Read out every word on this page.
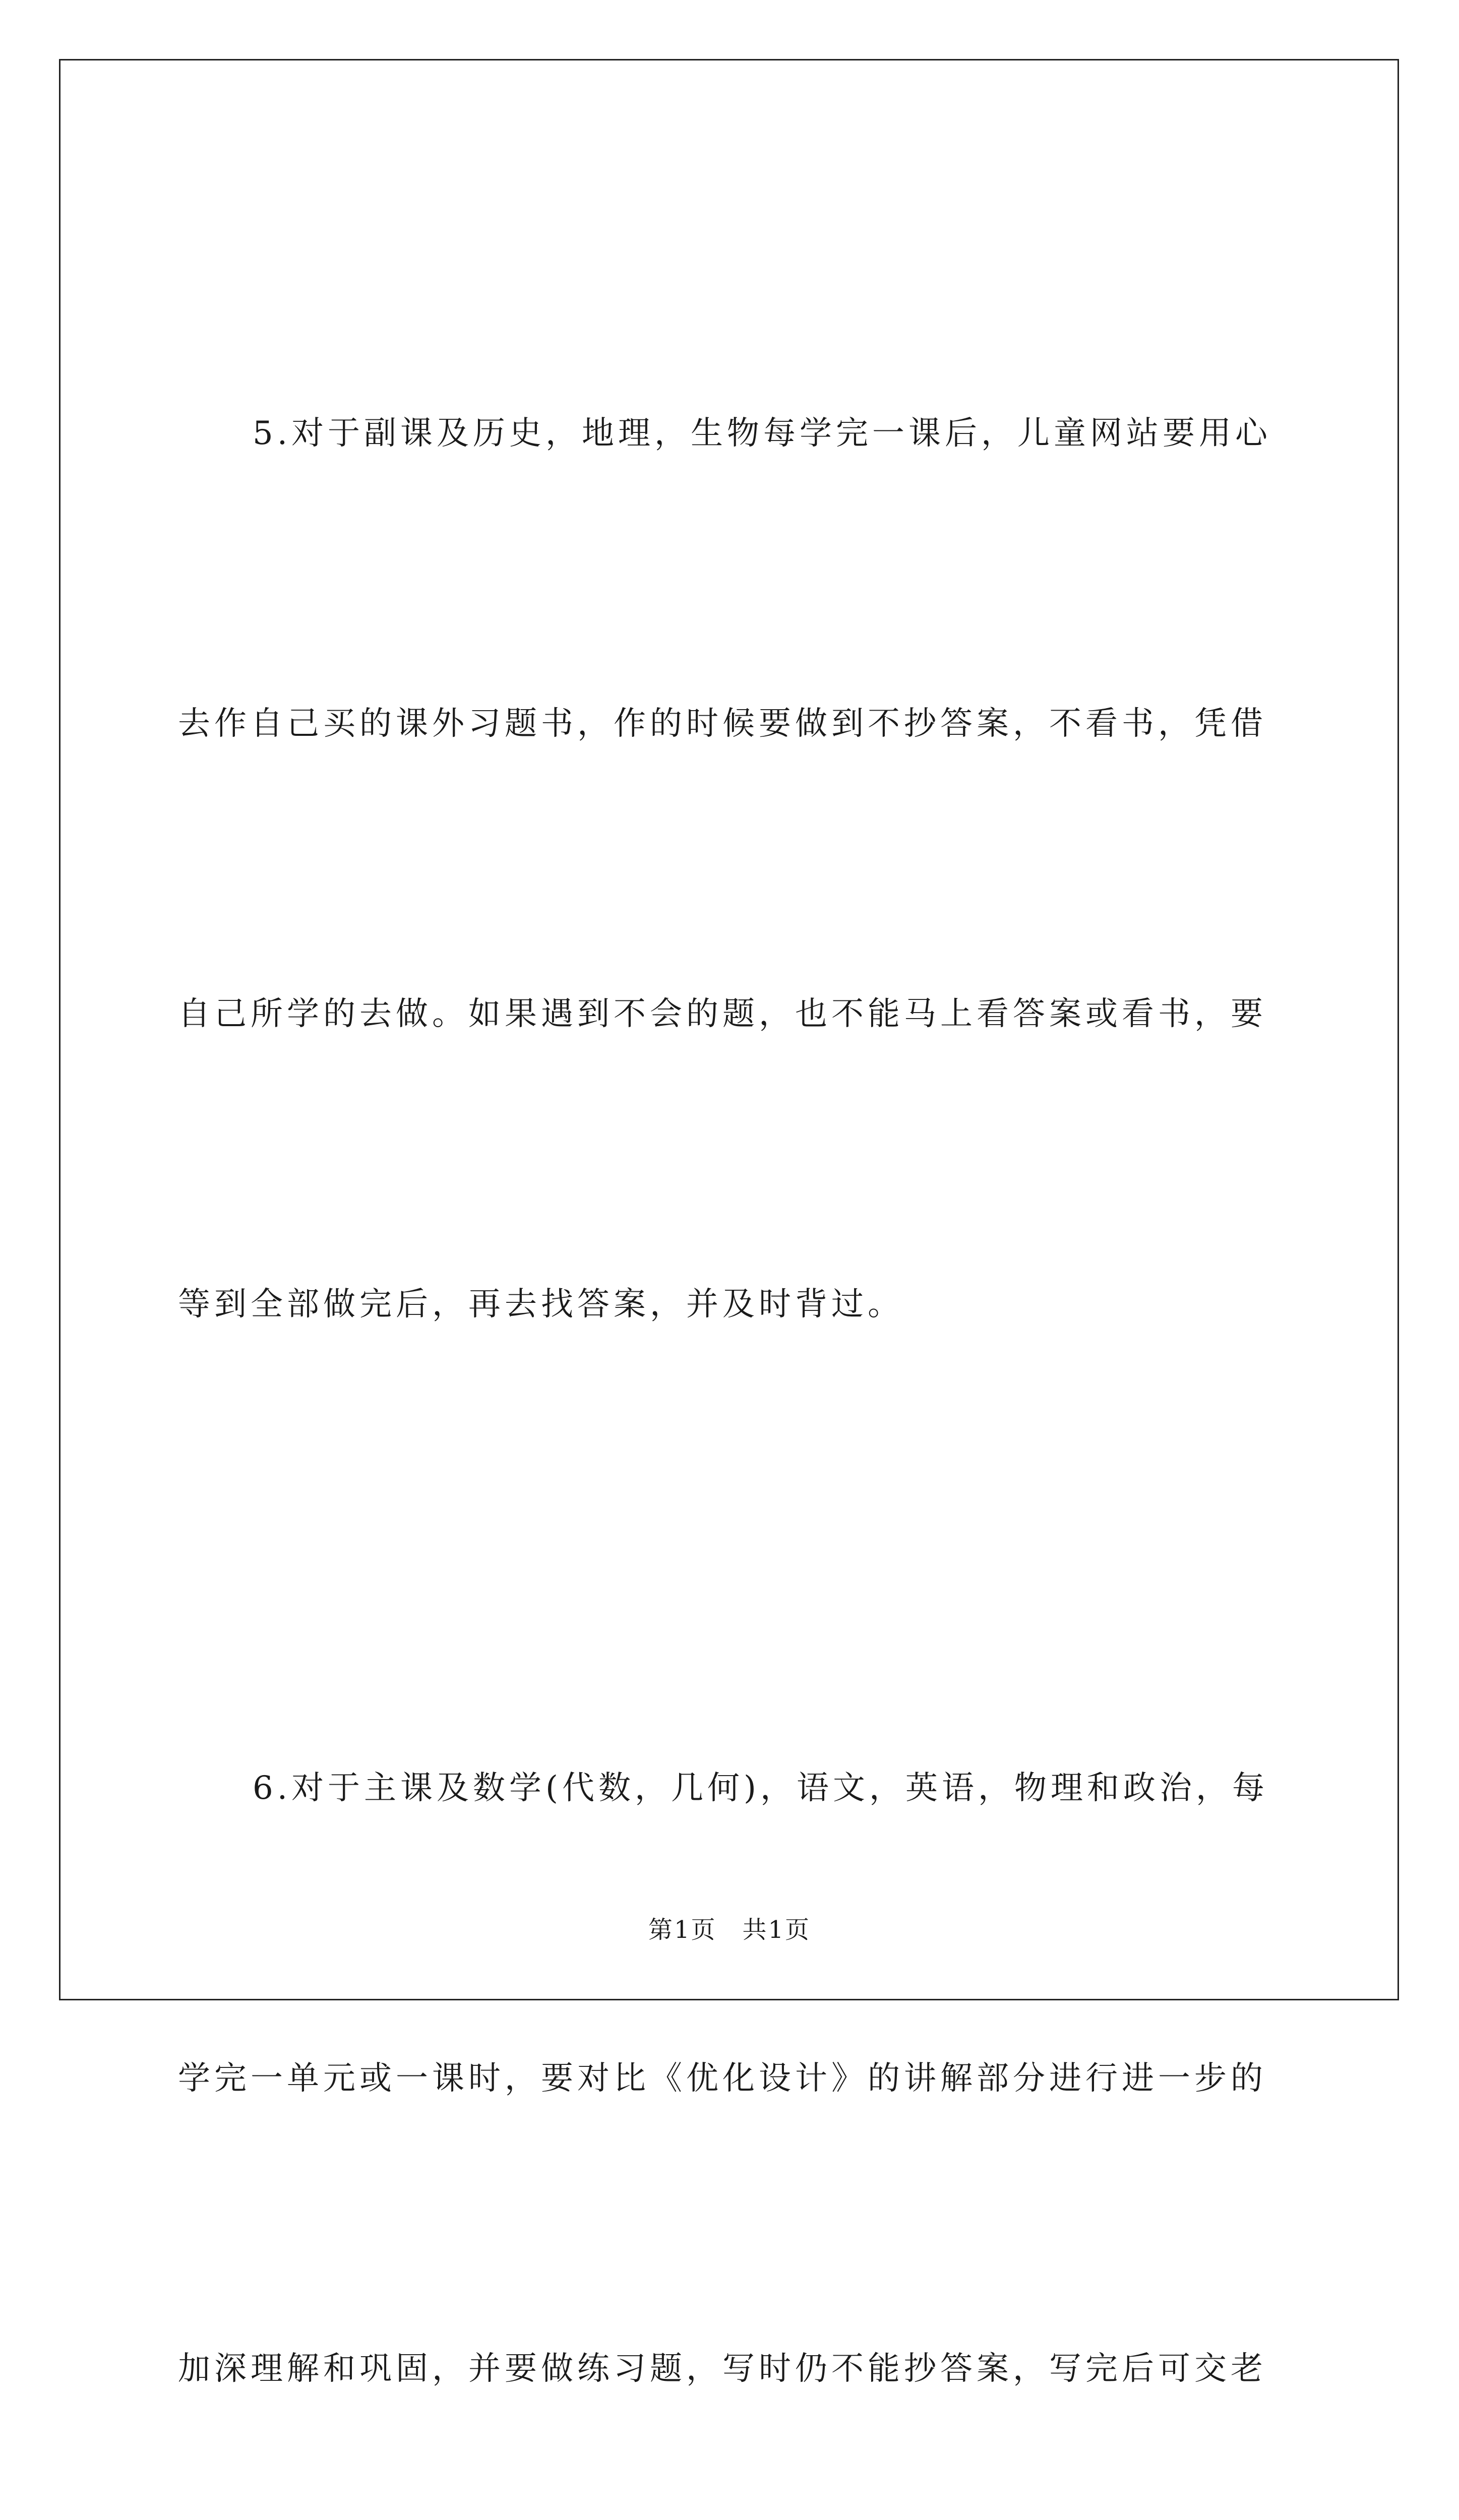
5.对于副课及历史，地理，生物每学完一课后，儿童网站要用心

去作自己买的课外习题书，作的时候要做到不抄答案，不看书，凭借

自己所学的去做。如果遇到不会的题，也不能马上看答案或看书，要

等到全部做完后，再去找答案，并及时背过。

6.对于主课及数学(代数，几何)，语文，英语，物理和政治，每

学完一单元或一课时，要对比《优化设计》的讲解部分进行进一步的

加深理解和巩固，并要做练习题，写时仍不能抄答案，写完后可交老

第1页　共1页
